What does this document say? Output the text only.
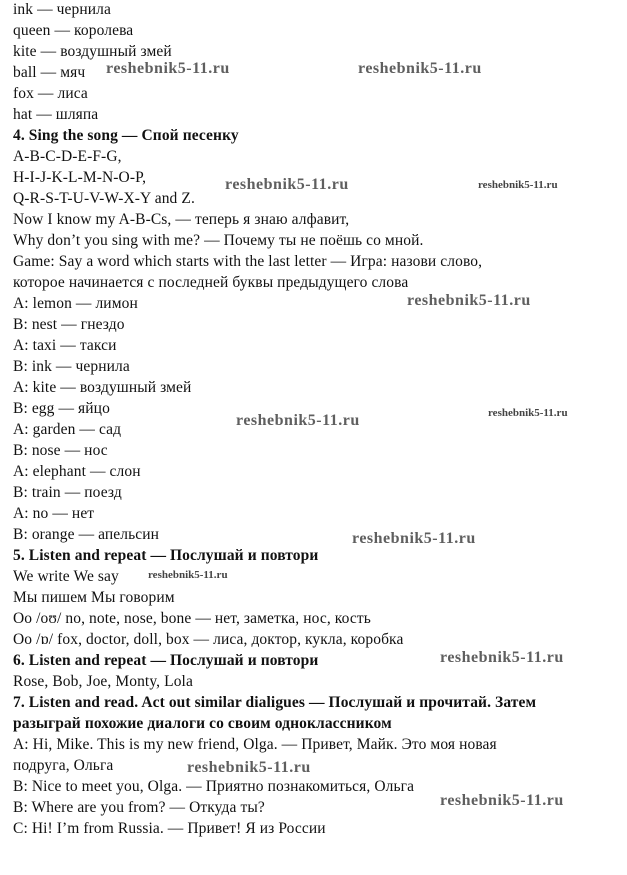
ink — чернила
queen — королева
kite — воздушный змей
ball — мяч
fox — лиса
hat — шляпа
4. Sing the song — Спой песенку
A-B-C-D-E-F-G,
H-I-J-K-L-M-N-O-P,
Q-R-S-T-U-V-W-X-Y and Z.
Now I know my A-B-Cs, — теперь я знаю алфавит,
Why don’t you sing with me? — Почему ты не поёшь со мной.
Game: Say a word which starts with the last letter — Игра: назови слово,
которое начинается с последней буквы предыдущего слова
A: lemon — лимон
B: nest — гнездо
A: taxi — такси
B: ink — чернила
A: kite — воздушный змей
B: egg — яйцо
A: garden — сад
B: nose — нос
A: elephant — слон
B: train — поезд
A: no — нет
B: orange — апельсин
5. Listen and repeat — Послушай и повтори
We write We say
Мы пишем Мы говорим
Oo /oʊ/ no, note, nose, bone — нет, заметка, нос, кость
Oo /ɒ/ fox, doctor, doll, box — лиса, доктор, кукла, коробка
6. Listen and repeat — Послушай и повтори
Rose, Bob, Joe, Monty, Lola
7. Listen and read. Act out similar dialigues — Послушай и прочитай. Затем
разыграй похожие диалоги со своим одноклассником
A: Hi, Mike. This is my new friend, Olga. — Привет, Майк. Это моя новая
подруга, Ольга
B: Nice to meet you, Olga. — Приятно познакомиться, Ольга
B: Where are you from? — Откуда ты?
C: Hi! I’m from Russia. — Привет! Я из России
reshebnik5-11.ru	reshebnik5-11.ru
reshebnik5-11.ru	reshebnik5-11.ru
reshebnik5-11.ru
reshebnik5-11.ru	reshebnik5-11.ru
reshebnik5-11.ru
reshebnik5-11.ru
reshebnik5-11.ru
reshebnik5-11.ru
reshebnik5-11.ru
